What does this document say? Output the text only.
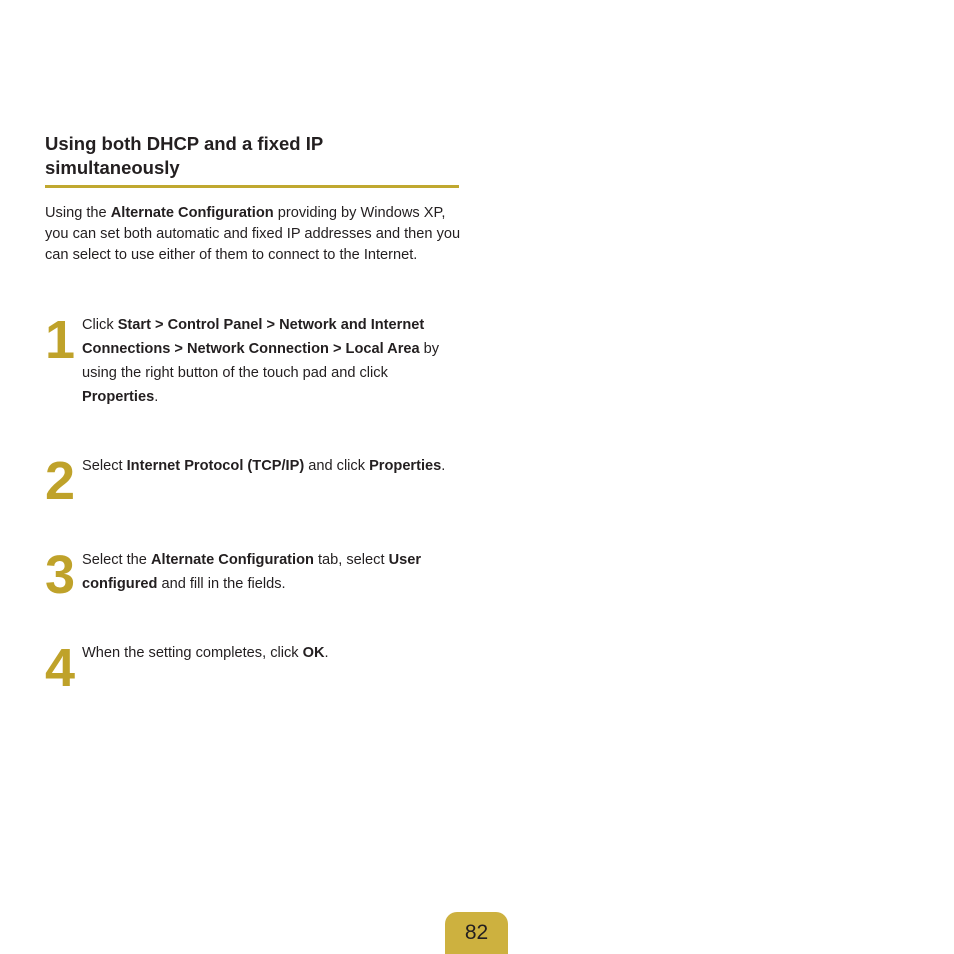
Using both DHCP and a fixed IP simultaneously
Using the Alternate Configuration providing by Windows XP, you can set both automatic and fixed IP addresses and then you can select to use either of them to connect to the Internet.
1 Click Start > Control Panel > Network and Internet Connections > Network Connection > Local Area by using the right button of the touch pad and click Properties.
2 Select Internet Protocol (TCP/IP) and click Properties.
3 Select the Alternate Configuration tab, select User configured and fill in the fields.
4 When the setting completes, click OK.
82
